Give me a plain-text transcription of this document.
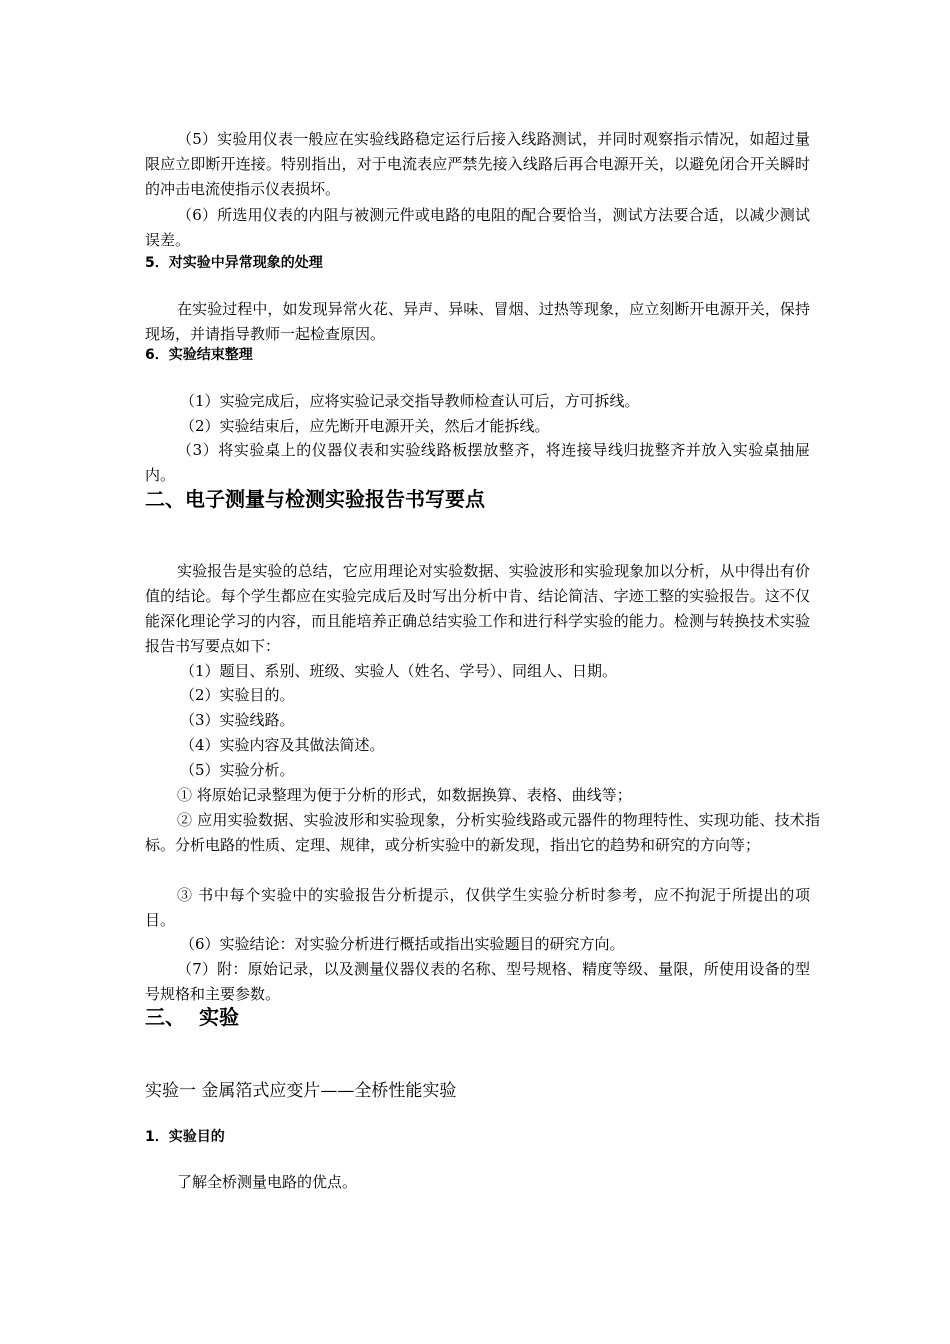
（5）实验用仪表一般应在实验线路稳定运行后接入线路测试，并同时观察指示情况，如超过量限应立即断开连接。特别指出，对于电流表应严禁先接入线路后再合电源开关，以避免闭合开关瞬时的冲击电流使指示仪表损坏。

（6）所选用仪表的内阻与被测元件或电路的电阻的配合要恰当，测试方法要合适，以减少测试误差。

5．对实验中异常现象的处理

在实验过程中，如发现异常火花、异声、异味、冒烟、过热等现象，应立刻断开电源开关，保持现场，并请指导教师一起检查原因。

6．实验结束整理

（1）实验完成后，应将实验记录交指导教师检查认可后，方可拆线。

（2）实验结束后，应先断开电源开关，然后才能拆线。

（3）将实验桌上的仪器仪表和实验线路板摆放整齐，将连接导线归拢整齐并放入实验桌抽屉内。

二、电子测量与检测实验报告书写要点

实验报告是实验的总结，它应用理论对实验数据、实验波形和实验现象加以分析，从中得出有价值的结论。每个学生都应在实验完成后及时写出分析中肯、结论简洁、字迹工整的实验报告。这不仅能深化理论学习的内容，而且能培养正确总结实验工作和进行科学实验的能力。检测与转换技术实验报告书写要点如下：

（1）题目、系别、班级、实验人（姓名、学号）、同组人、日期。

（2）实验目的。

（3）实验线路。

（4）实验内容及其做法简述。

（5）实验分析。

① 将原始记录整理为便于分析的形式，如数据换算、表格、曲线等；

② 应用实验数据、实验波形和实验现象，分析实验线路或元器件的物理特性、实现功能、技术指标。分析电路的性质、定理、规律，或分析实验中的新发现，指出它的趋势和研究的方向等；

③ 书中每个实验中的实验报告分析提示，仅供学生实验分析时参考，应不拘泥于所提出的项目。

（6）实验结论：对实验分析进行概括或指出实验题目的研究方向。

（7）附：原始记录，以及测量仪器仪表的名称、型号规格、精度等级、量限，所使用设备的型号规格和主要参数。

三、 实验

实验一 金属箔式应变片——全桥性能实验

1．实验目的

了解全桥测量电路的优点。
